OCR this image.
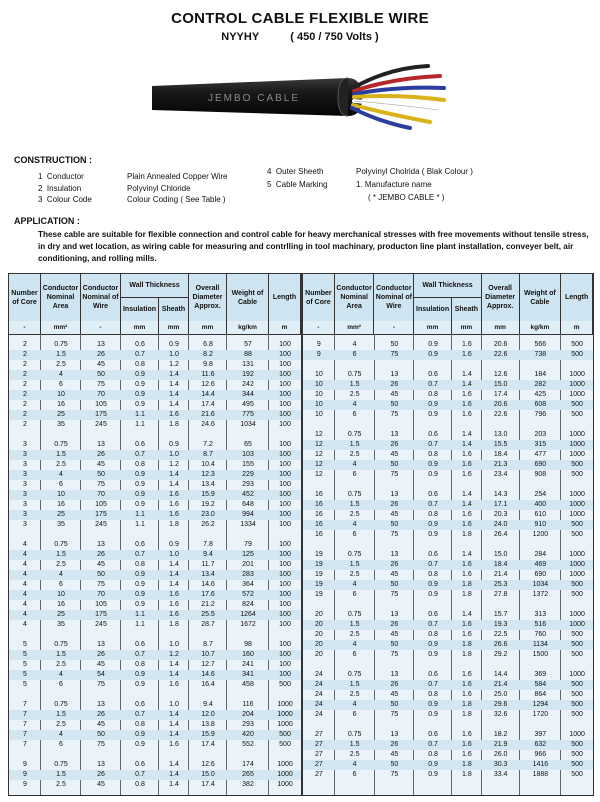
CONTROL CABLE FLEXIBLE WIRE
NYYHY	( 450 / 750 Volts )
JEMBO CABLE
CONSTRUCTION :
1 Conductor	Plain Annealed Copper Wire
2 Insulation	Polyvinyl Chloride
3 Colour Code	Colour Coding ( See Table )
4 Outer Sheeth	Polyvinyl Cholrida ( Blak Colour )
5 Cable Marking	1. Manufacture name
( * JEMBO CABLE * )
APPLICATION :
These cable are suitable for flexible connection and control cable for heavy merchanical stresses with free movements without tensile stress, in dry and wet location, as wiring cable for measuring and contrlling in tool machinary, producton line plant installation, conveyer belt, air conditioning, and rolling mills.
Number of Core
Conductor Nominal Area
Conductor Nominal of Wire
Overall Diameter Approx.
Weight of Cable
Length
Wall Thickness
Insulation Sheath
-	mm²	-	mm	mm	mm	kg/km	m
2	0.75	13	0.6	0.9	6.8	57	100
2	1.5	26	0.7	1.0	8.2	88	100
2	2.5	45	0.8	1.2	9.8	131	100
2	4	50	0.9	1.4	11.6	192	100
2	6	75	0.9	1.4	12.6	242	100
2	10	70	0.9	1.4	14.4	344	100
2	16	105	0.9	1.4	17.4	495	100
2	25	175	1.1	1.6	21.6	775	100
2	35	245	1.1	1.8	24.6	1034	100
3	0.75	13	0.6	0.9	7.2	65	100
3	1.5	26	0.7	1.0	8.7	103	100
3	2.5	45	0.8	1.2	10.4	155	100
3	4	50	0.9	1.4	12.3	229	100
3	6	75	0.9	1.4	13.4	293	100
3	10	70	0.9	1.6	15.9	452	100
3	16	105	0.9	1.6	19.2	648	100
3	25	175	1.1	1.6	23.0	994	100
3	35	245	1.1	1.8	26.2	1334	100
4	0.75	13	0.6	0.9	7.8	79	100
4	1.5	26	0.7	1.0	9.4	125	100
4	2.5	45	0.8	1.4	11.7	201	100
4	4	50	0.9	1.4	13.4	283	100
4	6	75	0.9	1.4	14.6	364	100
4	10	70	0.9	1.6	17.6	572	100
4	16	105	0.9	1.6	21.2	824	100
4	25	175	1.1	1.6	25.5	1264	100
4	35	245	1.1	1.8	28.7	1672	100
5	0.75	13	0.6	1.0	8.7	98	100
5	1.5	26	0.7	1.2	10.7	160	100
5	2.5	45	0.8	1.4	12.7	241	100
5	4	54	0.9	1.4	14.6	341	100
5	6	75	0.9	1.6	16.4	458	500
7	0.75	13	0.6	1.0	9.4	116	1000
7	1.5	26	0.7	1.4	12.0	204	1000
7	2.5	45	0.8	1.4	13.8	293	1000
7	4	50	0.9	1.4	15.9	420	500
7	6	75	0.9	1.6	17.4	552	500
9	0.75	13	0.6	1.4	12.6	174	1000
9	1.5	26	0.7	1.4	15.0	265	1000
9	2.5	45	0.8	1.4	17.4	382	1000
Number of Core
Conductor Nominal Area
Conductor Nominal of Wire
Overall Diameter Approx.
Weight of Cable
Length
Wall Thickness
Insulation Sheath
-	mm²	-	mm	mm	mm	kg/km	m
9	4	50	0.9	1.6	20.6	566	500
9	6	75	0.9	1.6	22.6	738	500
10	0.75	13	0.6	1.4	12.6	184	1000
10	1.5	26	0.7	1.4	15.0	282	1000
10	2.5	45	0.8	1.6	17.4	425	1000
10	4	50	0.9	1.6	20.6	608	500
10	6	75	0.9	1.6	22.6	796	500
12	0.75	13	0.6	1.4	13.0	203	1000
12	1.5	26	0.7	1.4	15.5	315	1000
12	2.5	45	0.8	1.6	18.4	477	1000
12	4	50	0.9	1.6	21.3	690	500
12	6	75	0.9	1.6	23.4	908	500
16	0.75	13	0.6	1.4	14.3	254	1000
16	1.5	26	0.7	1.4	17.1	400	1000
16	2.5	45	0.8	1.6	20.3	610	1000
16	4	50	0.9	1.6	24.0	910	500
16	6	75	0.9	1.8	26.4	1200	500
19	0.75	13	0.6	1.4	15.0	284	1000
19	1.5	26	0.7	1.6	18.4	469	1000
19	2.5	45	0.8	1.6	21.4	690	1000
19	4	50	0.9	1.8	25.3	1034	500
19	6	75	0.9	1.8	27.8	1372	500
20	0.75	13	0.6	1.4	15.7	313	1000
20	1.5	26	0.7	1.6	19.3	516	1000
20	2.5	45	0.8	1.6	22.5	760	500
20	4	50	0.9	1.8	26.6	1134	500
20	6	75	0.9	1.8	29.2	1500	500
24	0.75	13	0.6	1.6	14.4	369	1000
24	1.5	26	0.7	1.6	21.4	584	500
24	2.5	45	0.8	1.6	25.0	864	500
24	4	50	0.9	1.8	29.6	1294	500
24	6	75	0.9	1.8	32.6	1720	500
27	0.75	13	0.6	1.6	18.2	397	1000
27	1.5	26	0.7	1.6	21.9	632	500
27	2.5	45	0.8	1.6	26.0	966	500
27	4	50	0.9	1.8	30.3	1416	500
27	6	75	0.9	1.8	33.4	1888	500
